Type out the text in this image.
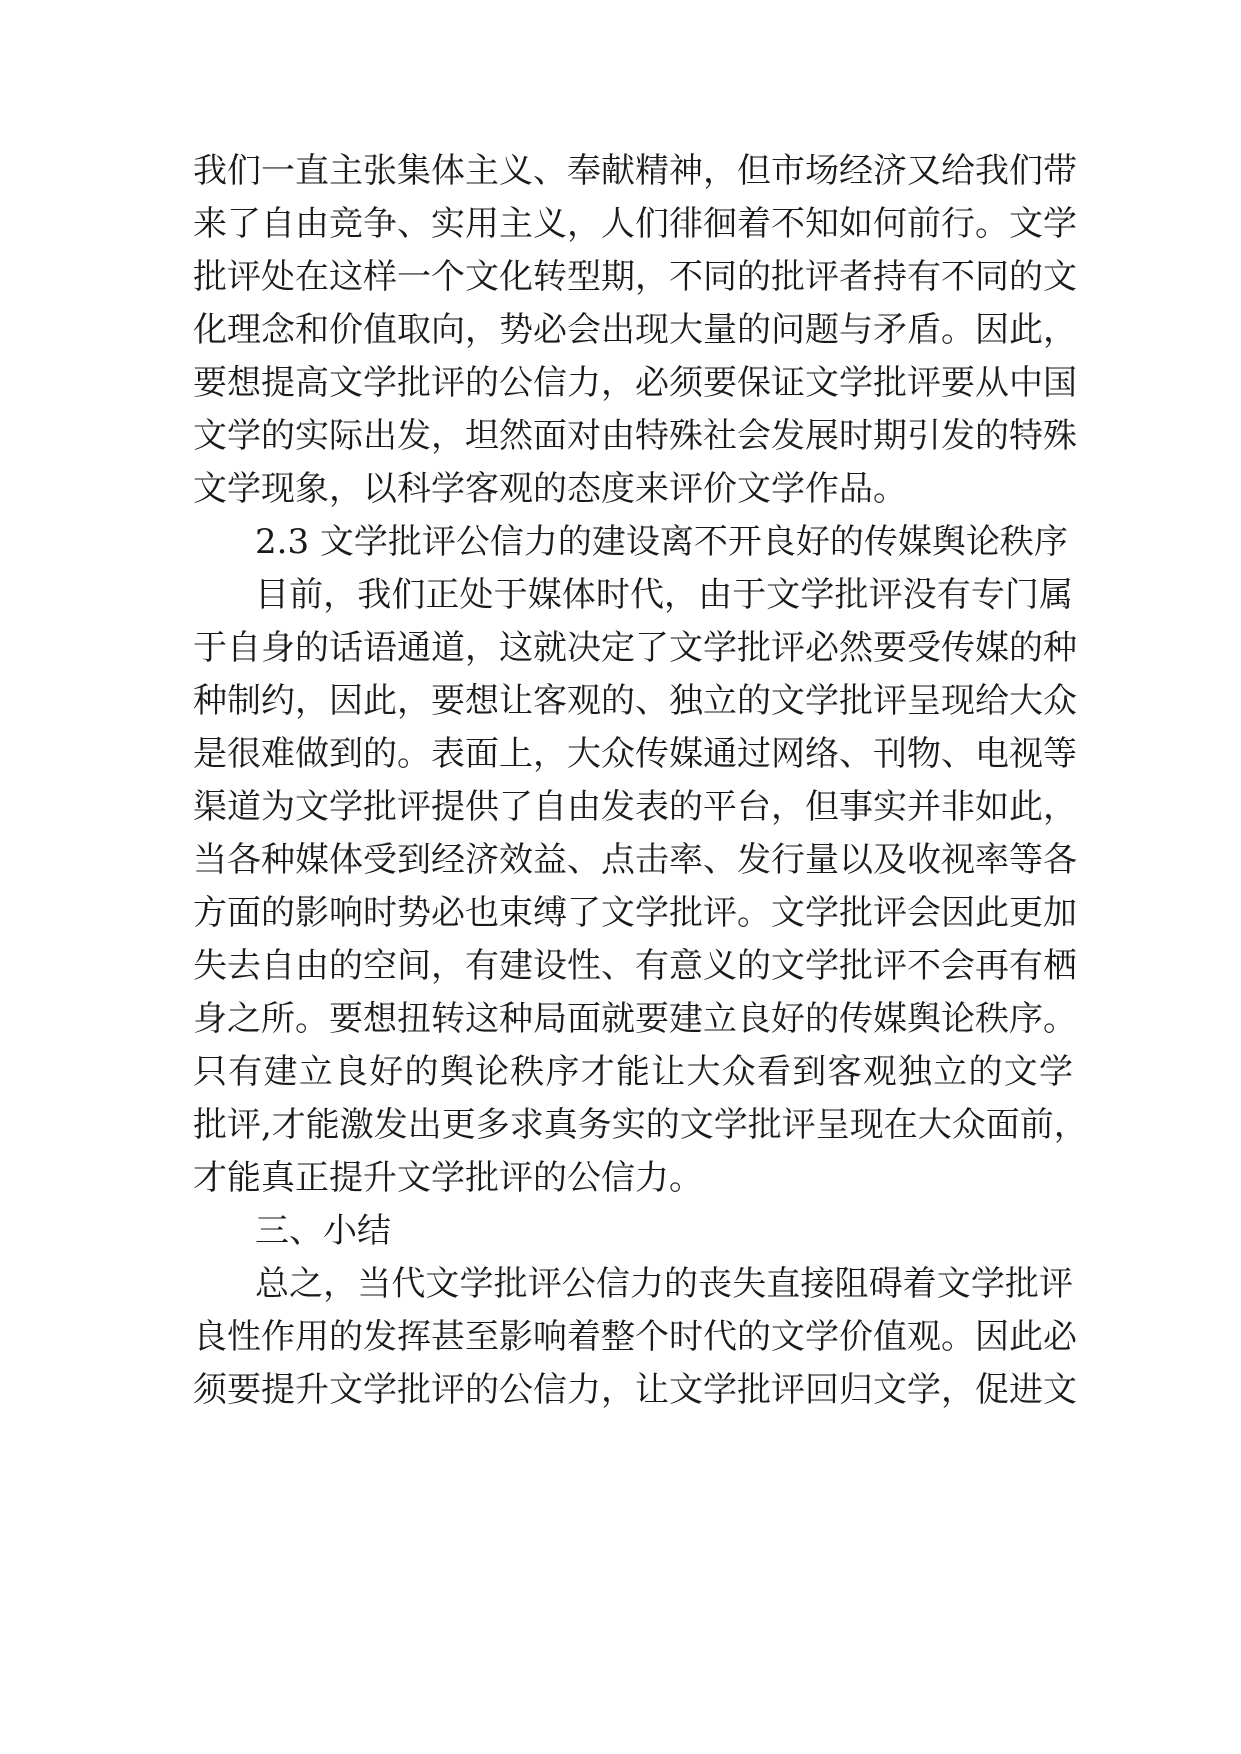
我们一直主张集体主义、奉献精神，但市场经济又给我们带
来了自由竞争、实用主义，人们徘徊着不知如何前行。文学
批评处在这样一个文化转型期，不同的批评者持有不同的文
化理念和价值取向，势必会出现大量的问题与矛盾。因此，
要想提高文学批评的公信力，必须要保证文学批评要从中国
文学的实际出发，坦然面对由特殊社会发展时期引发的特殊
文学现象，以科学客观的态度来评价文学作品。
2.3 文学批评公信力的建设离不开良好的传媒舆论秩序
目前，我们正处于媒体时代，由于文学批评没有专门属
于自身的话语通道，这就决定了文学批评必然要受传媒的种
种制约，因此，要想让客观的、独立的文学批评呈现给大众
是很难做到的。表面上，大众传媒通过网络、刊物、电视等
渠道为文学批评提供了自由发表的平台，但事实并非如此，
当各种媒体受到经济效益、点击率、发行量以及收视率等各
方面的影响时势必也束缚了文学批评。文学批评会因此更加
失去自由的空间，有建设性、有意义的文学批评不会再有栖
身之所。要想扭转这种局面就要建立良好的传媒舆论秩序。
只有建立良好的舆论秩序才能让大众看到客观独立的文学
批评,才能激发出更多求真务实的文学批评呈现在大众面前，
才能真正提升文学批评的公信力。
三、小结
总之，当代文学批评公信力的丧失直接阻碍着文学批评
良性作用的发挥甚至影响着整个时代的文学价值观。因此必
须要提升文学批评的公信力，让文学批评回归文学，促进文
